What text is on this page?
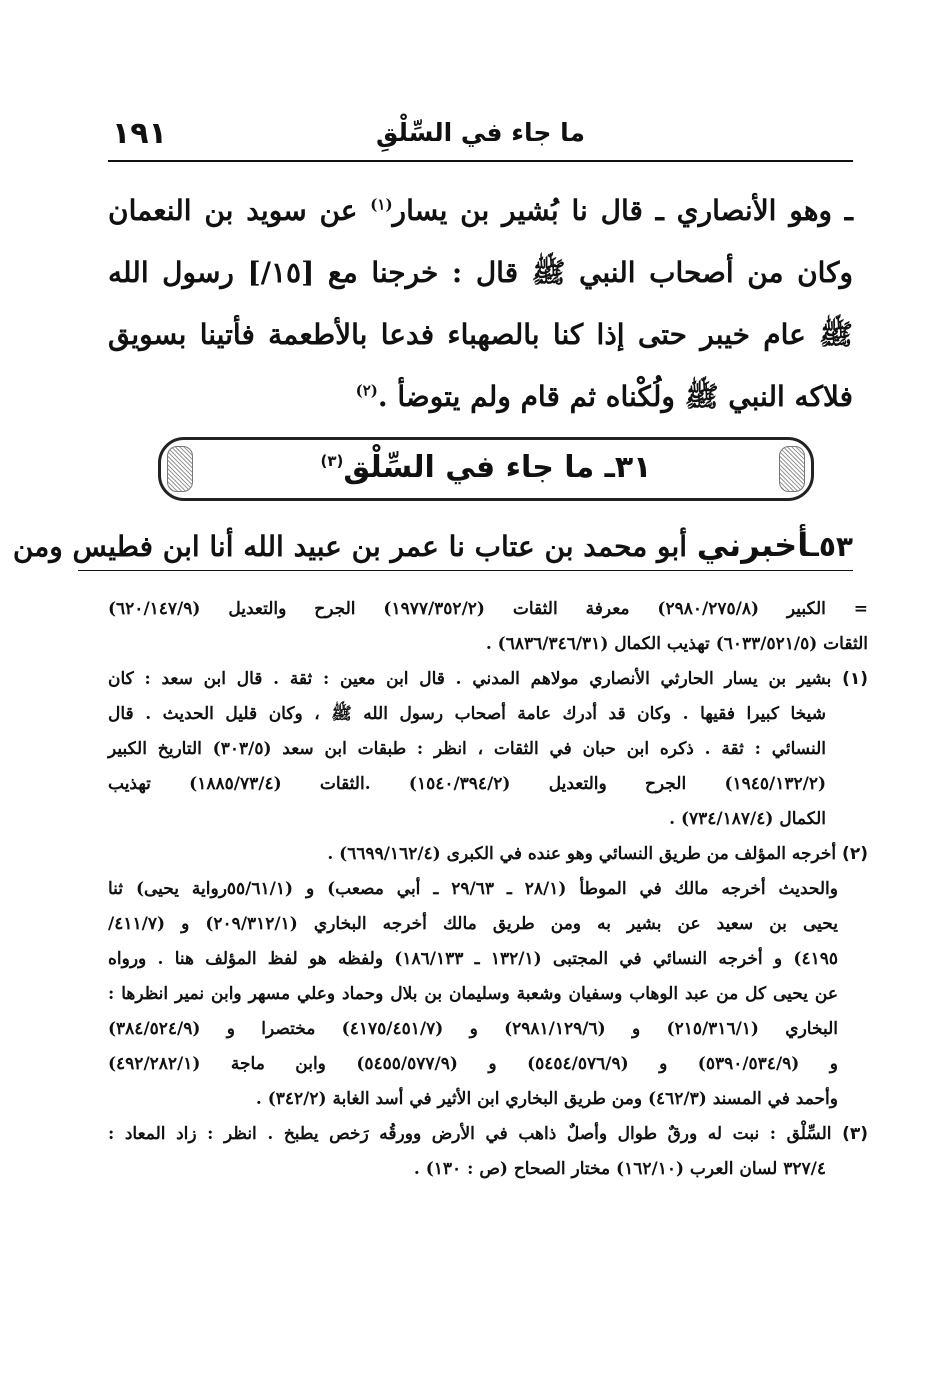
١٩١	ما جاء في السِّلْقِ
ـ وهو الأنصاري ـ قال نا بُشير بن يسار$^{(١)}$ عن سويد بن النعمان
وكان من أصحاب النبي ﷺ قال : خرجنا مع [١٥/] رسول الله
ﷺ عام خيبر حتى إذا كنا بالصهباء فدعا بالأطعمة فأتينا بسويق
فلاكه النبي ﷺ ولُكْناه ثم قام ولم يتوضأ .$^{(٢)}$
٣١ـ ما جاء في السِّلْق$^{(٣)}$
٥٣ـأخبرني أبو محمد بن عتاب نا عمر بن عبيد الله أنا ابن فطيس ومن
= الكبير (٢٩٨٠/٢٧٥/٨) معرفة الثقات (١٩٧٧/٣٥٢/٢) الجرح والتعديل (٦٢٠/١٤٧/٩)
الثقات (٦٠٣٣/٥٢١/٥) تهذيب الكمال (٦٨٣٦/٣٤٦/٣١) .
(١) بشير بن يسار الحارثي الأنصاري مولاهم المدني . قال ابن معين : ثقة . قال ابن سعد : كان
شيخا كبيرا فقيها . وكان قد أدرك عامة أصحاب رسول الله ﷺ ، وكان قليل الحديث . قال
النسائي : ثقة . ذكره ابن حبان في الثقات ، انظر : طبقات ابن سعد (٣٠٣/٥) التاريخ الكبير
(١٩٤٥/١٣٢/٢) الجرح والتعديل (١٥٤٠/٣٩٤/٢) .الثقات (١٨٨٥/٧٣/٤) تهذيب
الكمال (٧٣٤/١٨٧/٤) .
(٢) أخرجه المؤلف من طريق النسائي وهو عنده في الكبرى (٦٦٩٩/١٦٢/٤) .
والحديث أخرجه مالك في الموطأ (٢٨/١ ـ ٢٩/٦٣ ـ أبي مصعب) و (٥٥/٦١/١رواية يحيى) ثنا
يحيى بن سعيد عن بشير به ومن طريق مالك أخرجه البخاري (٢٠٩/٣١٢/١) و (٤١١/٧/
٤١٩٥) و أخرجه النسائي في المجتبى (١٣٢/١ ـ ١٨٦/١٣٣) ولفظه هو لفظ المؤلف هنا . ورواه
عن يحيى كل من عبد الوهاب وسفيان وشعبة وسليمان بن بلال وحماد وعلي مسهر وابن نمير انظرها :
البخاري (٢١٥/٣١٦/١) و (٢٩٨١/١٢٩/٦) و (٤١٧٥/٤٥١/٧) مختصرا و (٣٨٤/٥٢٤/٩)
و (٥٣٩٠/٥٣٤/٩) و (٥٤٥٤/٥٧٦/٩) و (٥٤٥٥/٥٧٧/٩) وابن ماجة (٤٩٢/٢٨٢/١)
وأحمد في المسند (٤٦٢/٣) ومن طريق البخاري ابن الأثير في أسد الغابة (٣٤٢/٢) .
(٣) السِّلْق : نبت له ورقٌ طوال وأصلٌ ذاهب في الأرض وورقُه رَخص يطبخ . انظر : زاد المعاد :
٣٢٧/٤ لسان العرب (١٦٢/١٠) مختار الصحاح (ص : ١٣٠) .
